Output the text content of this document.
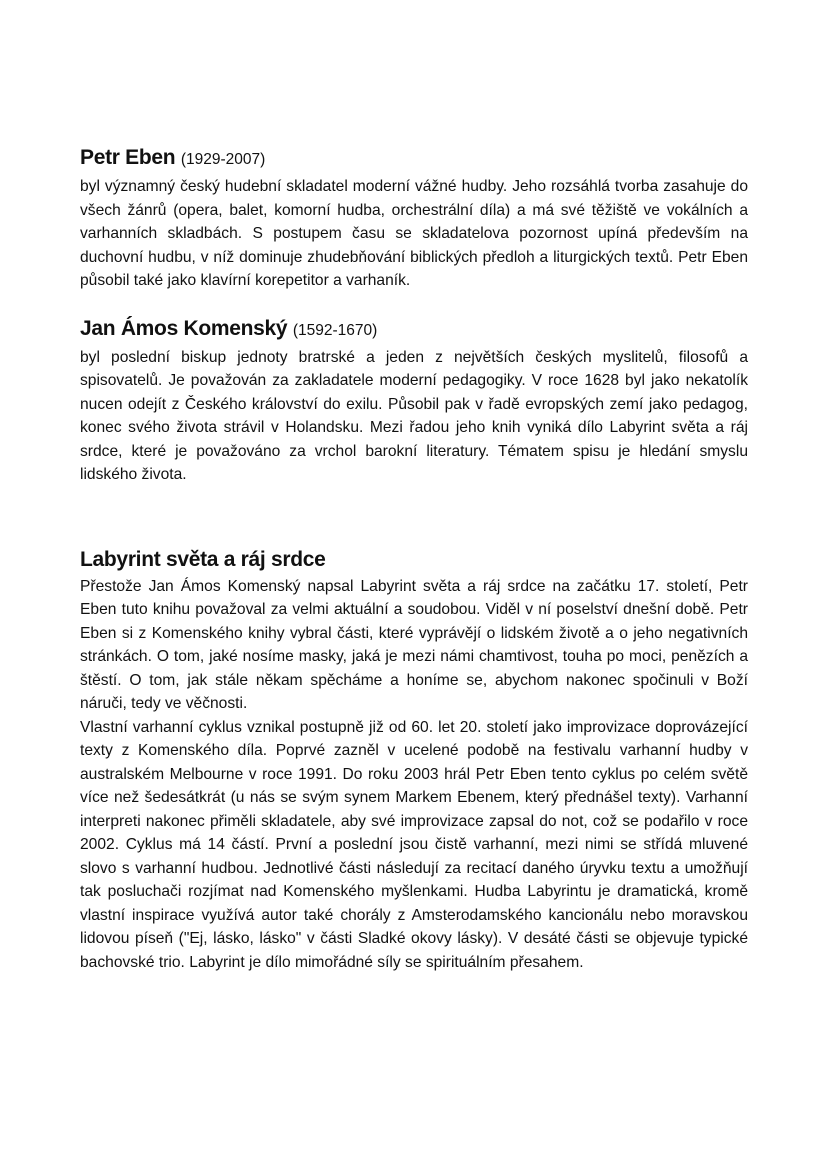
Petr Eben (1929-2007)

byl významný český hudební skladatel moderní vážné hudby. Jeho rozsáhlá tvorba zasahuje do všech žánrů (opera, balet, komorní hudba, orchestrální díla) a má své těžiště ve vokálních a varhanních skladbách. S postupem času se skladatelova pozornost upíná především na duchovní hudbu, v níž dominuje zhudebňování biblických předloh a liturgických textů. Petr Eben působil také jako klavírní korepetitor a varhaník.

Jan Ámos Komenský (1592-1670)

byl poslední biskup jednoty bratrské a jeden z největších českých myslitelů, filosofů a spisovatelů. Je považován za zakladatele moderní pedagogiky. V roce 1628 byl jako nekatolík nucen odejít z Českého království do exilu. Působil pak v řadě evropských zemí jako pedagog, konec svého života strávil v Holandsku. Mezi řadou jeho knih vyniká dílo Labyrint světa a ráj srdce, které je považováno za vrchol barokní literatury. Tématem spisu je hledání smyslu lidského života.

Labyrint světa a ráj srdce

Přestože Jan Ámos Komenský napsal Labyrint světa a ráj srdce na začátku 17. století, Petr Eben tuto knihu považoval za velmi aktuální a soudobou. Viděl v ní poselství dnešní době. Petr Eben si z Komenského knihy vybral části, které vyprávějí o lidském životě a o jeho negativních stránkách. O tom, jaké nosíme masky, jaká je mezi námi chamtivost, touha po moci, penězích a štěstí. O tom, jak stále někam spěcháme a honíme se, abychom nakonec spočinuli v Boží náruči, tedy ve věčnosti.

Vlastní varhanní cyklus vznikal postupně již od 60. let 20. století jako improvizace doprovázející texty z Komenského díla. Poprvé zazněl v ucelené podobě na festivalu varhanní hudby v australském Melbourne v roce 1991. Do roku 2003 hrál Petr Eben tento cyklus po celém světě více než šedesátkrát (u nás se svým synem Markem Ebenem, který přednášel texty). Varhanní interpreti nakonec přiměli skladatele, aby své improvizace zapsal do not, což se podařilo v roce 2002. Cyklus má 14 částí. První a poslední jsou čistě varhanní, mezi nimi se střídá mluvené slovo s varhanní hudbou. Jednotlivé části následují za recitací daného úryvku textu a umožňují tak posluchači rozjímat nad Komenského myšlenkami. Hudba Labyrintu je dramatická, kromě vlastní inspirace využívá autor také chorály z Amsterodamského kancionálu nebo moravskou lidovou píseň ("Ej, lásko, lásko" v části Sladké okovy lásky). V desáté části se objevuje typické bachovské trio. Labyrint je dílo mimořádné síly se spirituálním přesahem.
